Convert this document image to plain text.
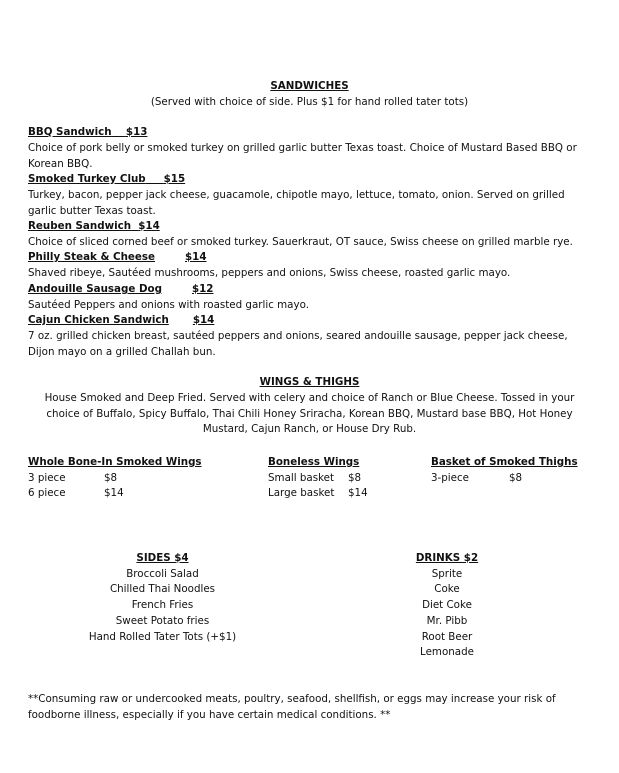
SANDWICHES
(Served with choice of side. Plus $1 for hand rolled tater tots)
BBQ Sandwich $13
Choice of pork belly or smoked turkey on grilled garlic butter Texas toast. Choice of Mustard Based BBQ or Korean BBQ.
Smoked Turkey Club $15
Turkey, bacon, pepper jack cheese, guacamole, chipotle mayo, lettuce, tomato, onion. Served on grilled garlic butter Texas toast.
Reuben Sandwich $14
Choice of sliced corned beef or smoked turkey. Sauerkraut, OT sauce, Swiss cheese on grilled marble rye.
Philly Steak & Cheese	$14
Shaved ribeye, Sautéed mushrooms, peppers and onions, Swiss cheese, roasted garlic mayo.
Andouille Sausage Dog	$12
Sautéed Peppers and onions with roasted garlic mayo.
Cajun Chicken Sandwich $14
7 oz. grilled chicken breast, sautéed peppers and onions, seared andouille sausage, pepper jack cheese, Dijon mayo on a grilled Challah bun.
WINGS & THIGHS
House Smoked and Deep Fried. Served with celery and choice of Ranch or Blue Cheese. Tossed in your choice of Buffalo, Spicy Buffalo, Thai Chili Honey Sriracha, Korean BBQ, Mustard base BBQ, Hot Honey Mustard, Cajun Ranch, or House Dry Rub.
Whole Bone-In Smoked Wings
3 piece	$8
6 piece	$14
Boneless Wings
Small basket $8
Large basket $14
Basket of Smoked Thighs
3-piece	$8
SIDES $4
Broccoli Salad
Chilled Thai Noodles
French Fries
Sweet Potato fries
Hand Rolled Tater Tots (+$1)
DRINKS $2
Sprite
Coke
Diet Coke
Mr. Pibb
Root Beer
Lemonade
**Consuming raw or undercooked meats, poultry, seafood, shellfish, or eggs may increase your risk of foodborne illness, especially if you have certain medical conditions. **
